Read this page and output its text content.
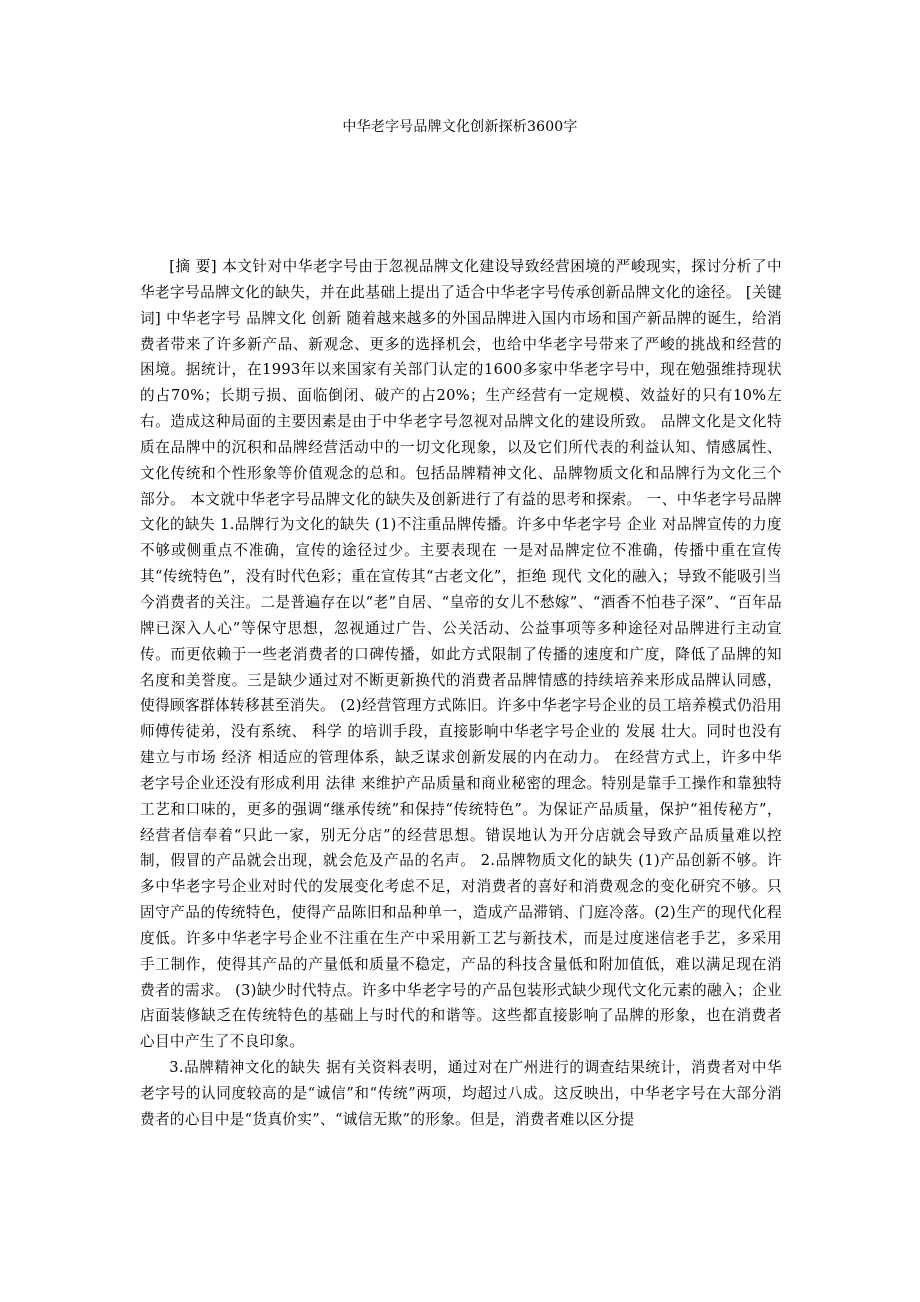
中华老字号品牌文化创新探析3600字

[摘 要] 本文针对中华老字号由于忽视品牌文化建设导致经营困境的严峻现实，探讨分析了中华老字号品牌文化的缺失，并在此基础上提出了适合中华老字号传承创新品牌文化的途径。 [关键词] 中华老字号 品牌文化 创新 随着越来越多的外国品牌进入国内市场和国产新品牌的诞生，给消费者带来了许多新产品、新观念、更多的选择机会，也给中华老字号带来了严峻的挑战和经营的困境。据统计，在1993年以来国家有关部门认定的1600多家中华老字号中，现在勉强维持现状的占70%；长期亏损、面临倒闭、破产的占20%；生产经营有一定规模、效益好的只有10%左右。造成这种局面的主要因素是由于中华老字号忽视对品牌文化的建设所致。 品牌文化是文化特质在品牌中的沉积和品牌经营活动中的一切文化现象，以及它们所代表的利益认知、情感属性、文化传统和个性形象等价值观念的总和。包括品牌精神文化、品牌物质文化和品牌行为文化三个部分。 本文就中华老字号品牌文化的缺失及创新进行了有益的思考和探索。 一、中华老字号品牌文化的缺失 1.品牌行为文化的缺失 (1)不注重品牌传播。许多中华老字号 企业 对品牌宣传的力度不够或侧重点不准确，宣传的途径过少。主要表现在 一是对品牌定位不准确，传播中重在宣传其“传统特色”，没有时代色彩；重在宣传其“古老文化”，拒绝 现代 文化的融入；导致不能吸引当今消费者的关注。二是普遍存在以“老”自居、“皇帝的女儿不愁嫁”、“酒香不怕巷子深”、“百年品牌已深入人心”等保守思想，忽视通过广告、公关活动、公益事项等多种途径对品牌进行主动宣传。而更依赖于一些老消费者的口碑传播，如此方式限制了传播的速度和广度，降低了品牌的知名度和美誉度。三是缺少通过对不断更新换代的消费者品牌情感的持续培养来形成品牌认同感，使得顾客群体转移甚至消失。 (2)经营管理方式陈旧。许多中华老字号企业的员工培养模式仍沿用师傅传徒弟，没有系统、 科学 的培训手段，直接影响中华老字号企业的 发展 壮大。同时也没有建立与市场 经济 相适应的管理体系，缺乏谋求创新发展的内在动力。 在经营方式上，许多中华老字号企业还没有形成利用 法律 来维护产品质量和商业秘密的理念。特别是靠手工操作和靠独特工艺和口味的，更多的强调“继承传统”和保持“传统特色”。为保证产品质量，保护“祖传秘方”，经营者信奉着“只此一家，别无分店”的经营思想。错误地认为开分店就会导致产品质量难以控制，假冒的产品就会出现，就会危及产品的名声。 2.品牌物质文化的缺失 (1)产品创新不够。许多中华老字号企业对时代的发展变化考虑不足，对消费者的喜好和消费观念的变化研究不够。只固守产品的传统特色，使得产品陈旧和品种单一，造成产品滞销、门庭冷落。(2)生产的现代化程度低。许多中华老字号企业不注重在生产中采用新工艺与新技术，而是过度迷信老手艺，多采用手工制作，使得其产品的产量低和质量不稳定，产品的科技含量低和附加值低，难以满足现在消费者的需求。 (3)缺少时代特点。许多中华老字号的产品包装形式缺少现代文化元素的融入；企业店面装修缺乏在传统特色的基础上与时代的和谐等。这些都直接影响了品牌的形象，也在消费者心目中产生了不良印象。

3.品牌精神文化的缺失 据有关资料表明，通过对在广州进行的调查结果统计，消费者对中华老字号的认同度较高的是“诚信”和“传统”两项，均超过八成。这反映出，中华老字号在大部分消费者的心目中是“货真价实”、“诚信无欺”的形象。但是，消费者难以区分提
